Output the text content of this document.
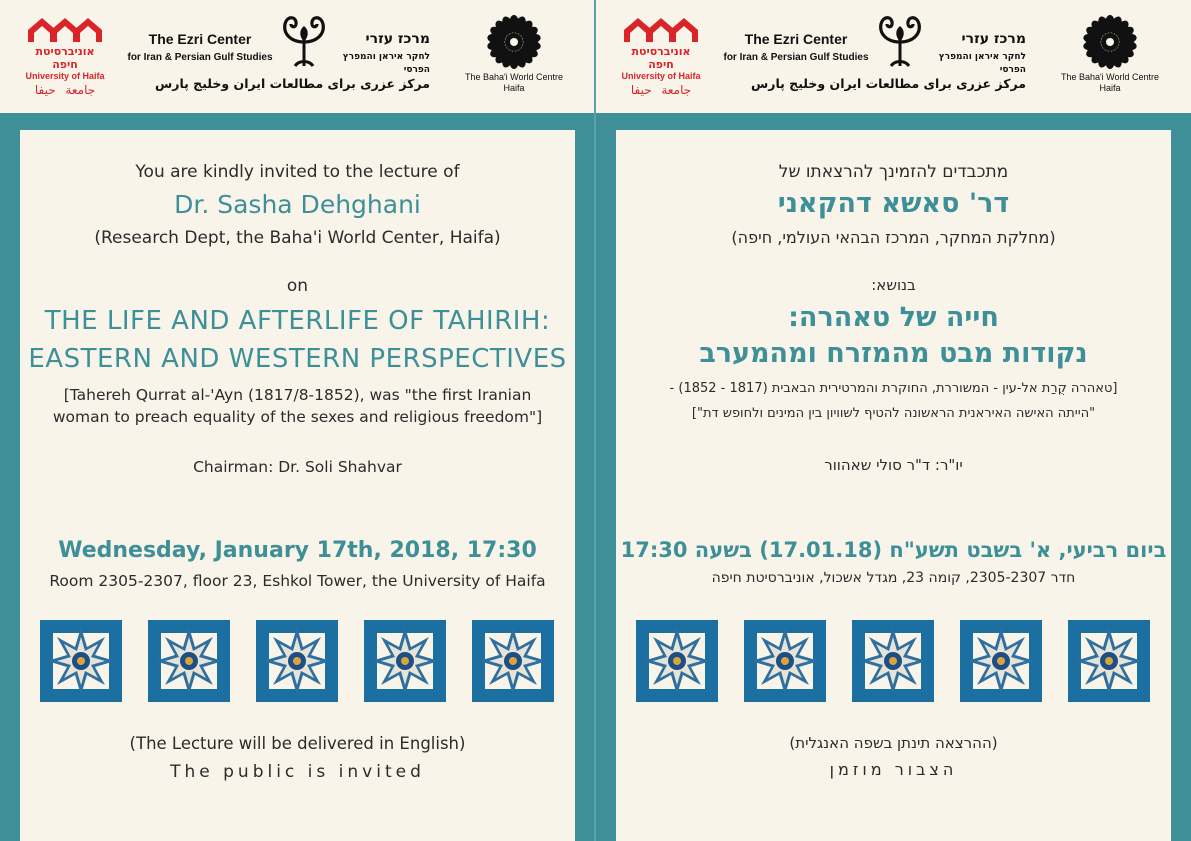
אוניברסיטת חיפה
University of Haifa
جامعة حيفا
The Ezri Center
for Iran & Persian Gulf Studies
מרכז עזרי
לחקר איראן והמפרץ הפרסי
مرکز عزری برای مطالعات ایران وخلیج پارس	The Baha'i World Centre
Haifa
You are kindly invited to the lecture of
Dr. Sasha Dehghani
(Research Dept, the Baha'i World Center, Haifa)
on
THE LIFE AND AFTERLIFE OF TAHIRIH:
EASTERN AND WESTERN PERSPECTIVES
[Tahereh Qurrat al-'Ayn (1817/8-1852), was "the first Iranian
woman to preach equality of the sexes and religious freedom"]
Chairman: Dr. Soli Shahvar
Wednesday, January 17th, 2018, 17:30
Room 2305-2307, floor 23, Eshkol Tower, the University of Haifa
(The Lecture will be delivered in English)
The public is invited
אוניברסיטת חיפה
University of Haifa
جامعة حيفا
The Ezri Center
for Iran & Persian Gulf Studies
מרכז עזרי
לחקר איראן והמפרץ הפרסי
مرکز عزری برای مطالعات ایران وخلیج پارس	The Baha'i World Centre
Haifa
מתכבדים להזמינך להרצאתו של
דר' סאשא דהקאני
(מחלקת המחקר, המרכז הבהאי העולמי, חיפה)
בנושא:
חייה של טאהרה:
נקודות מבט מהמזרח ומהמערב
[טאהרה קֻרַת אל-עין - המשוררת, החוקרת והמרטירית הבאבית (1817 - 1852) -
"הייתה האישה האיראנית הראשונה להטיף לשוויון בין המינים ולחופש דת"]
יו"ר: ד"ר סולי שאהוור
ביום רביעי, א' בשבט תשע"ח (17.01.18) בשעה 17:30
חדר 2305-2307, קומה 23, מגדל אשכול, אוניברסיטת חיפה
(ההרצאה תינתן בשפה האנגלית)
הצבור מוזמן
